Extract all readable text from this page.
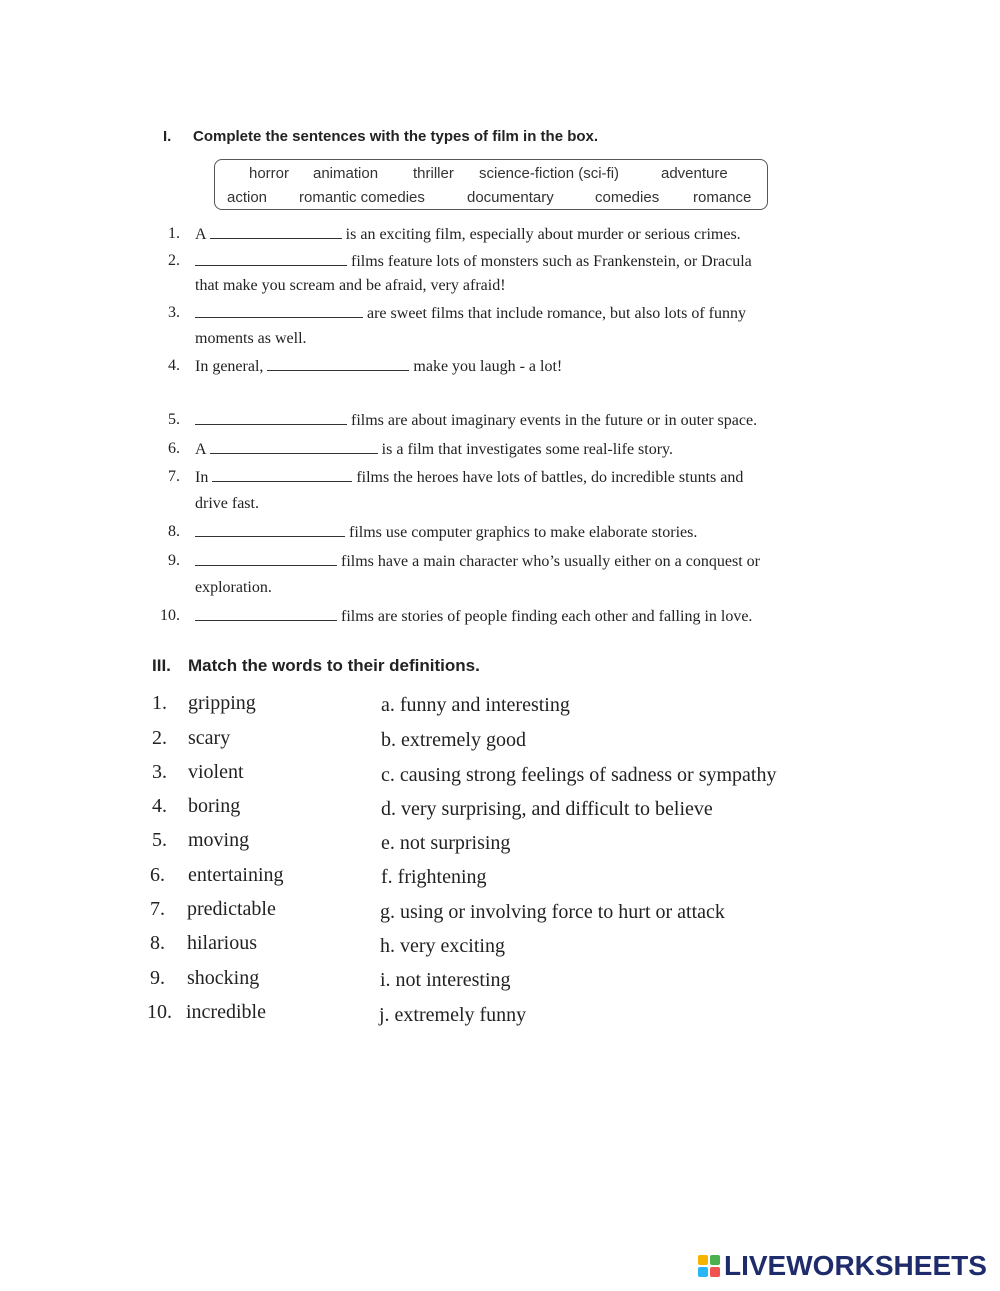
I. Complete the sentences with the types of film in the box.
horror animation thriller science-fiction (sci-fi)	adventure
action romantic comedies	documentary	comedies romance
1. A	is an exciting film, especially about murder or serious crimes.
2.	films feature lots of monsters such as Frankenstein, or Dracula
that make you scream and be afraid, very afraid!
3.	are sweet films that include romance, but also lots of funny
moments as well.
4. In general,	make you laugh - a lot!
5.	films are about imaginary events in the future or in outer space.
6. A	is a film that investigates some real-life story.
7. In	films the heroes have lots of battles, do incredible stunts and
drive fast.
8.	films use computer graphics to make elaborate stories.
9.	films have a main character who’s usually either on a conquest or
exploration.
10.	films are stories of people finding each other and falling in love.
III. Match the words to their definitions.
1. gripping	a. funny and interesting
2. scary	b. extremely good
3. violent	c. causing strong feelings of sadness or sympathy
4. boring	d. very surprising, and difficult to believe
5. moving	e. not surprising
6. entertaining	f. frightening
7. predictable	g. using or involving force to hurt or attack
8. hilarious	h. very exciting
9. shocking	i. not interesting
10. incredible	j. extremely funny
LIVEWORKSHEETS
